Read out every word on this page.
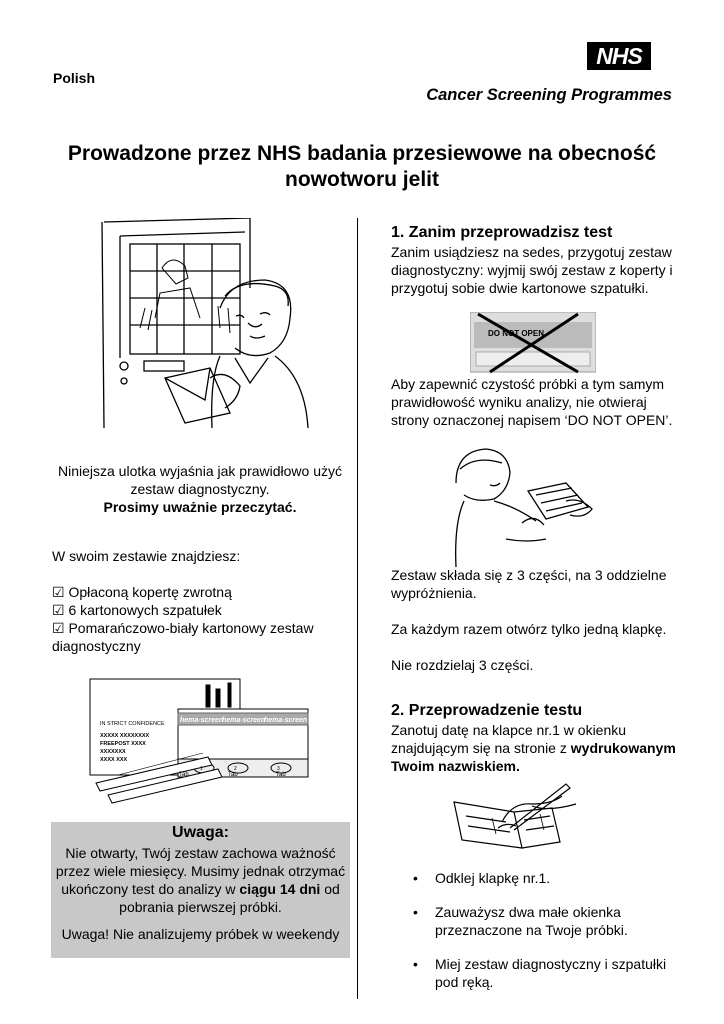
Polish
NHS
Cancer Screening Programmes
Prowadzone przez NHS badania przesiewowe na obecność nowotworu jelit
Niniejsza ulotka wyjaśnia jak prawidłowo użyć zestaw diagnostyczny.
Prosimy uważnie przeczytać.
W swoim zestawie znajdziesz:
☑ Opłaconą kopertę zwrotną
☑ 6 kartonowych szpatułek
☑ Pomarańczowo-biały kartonowy zestaw diagnostyczny
IN STRICT CONFIDENCE
XXXXX XXXXXXXX
FREEPOST XXXX
XXXXXXX
XXXX XXX
hema-screen
hema-screen
hema-screen
1	2	3
Tab	Tab	Tab
Uwaga:
Nie otwarty, Twój zestaw zachowa ważność przez wiele miesięcy. Musimy jednak otrzymać ukończony test do analizy w ciągu 14 dni od pobrania pierwszej próbki.
Uwaga! Nie analizujemy próbek w weekendy
1. Zanim przeprowadzisz test
Zanim usiądziesz na sedes, przygotuj zestaw diagnostyczny: wyjmij swój zestaw z koperty i przygotuj sobie dwie kartonowe szpatułki.
DO NOT OPEN
Aby zapewnić czystość próbki a tym samym prawidłowość wyniku analizy, nie otwieraj strony oznaczonej napisem ‘DO NOT OPEN’.
Zestaw składa się z 3 części, na 3 oddzielne wypróżnienia.
Za każdym razem otwórz tylko jedną klapkę.
Nie rozdzielaj 3 części.
2. Przeprowadzenie testu
Zanotuj datę na klapce nr.1 w okienku znajdującym się na stronie z wydrukowanym Twoim nazwiskiem.
• Odklej klapkę nr.1.
• Zauważysz dwa małe okienka przeznaczone na Twoje próbki.
• Miej zestaw diagnostyczny i szpatułki pod ręką.
